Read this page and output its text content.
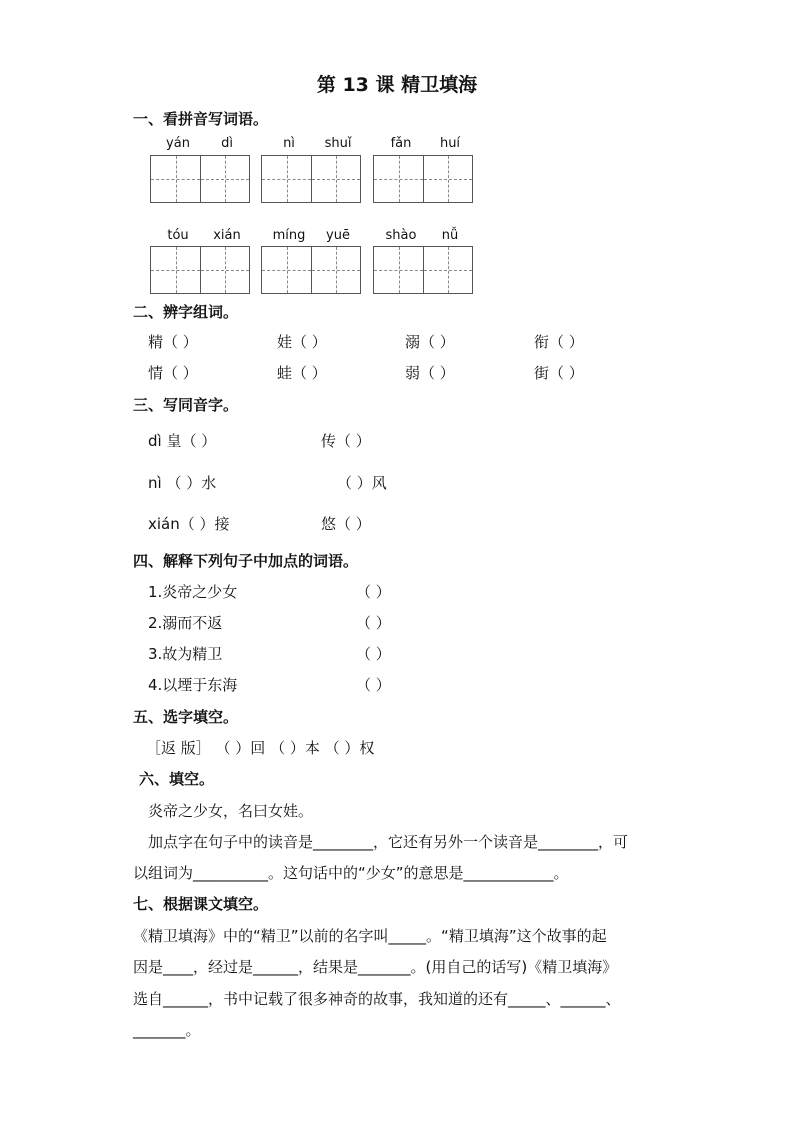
第 13 课 精卫填海
一、看拼音写词语。
yán	dì	nì	shuǐ	fǎn	huí
tóu	xián	míng	yuē	shào	nǚ
二、辨字组词。
精（ ）	娃（ ）	溺（ ）	衔（ ）
情（ ）	蛙（ ）	弱（ ）	街（ ）
三、写同音字。
dì 皇（ ）	传（ ）
nì （ ）水	（ ）风
xián（ ）接	悠（ ）
四、解释下列句子中加点的词语。
1.炎帝之少女	（ ）
2.溺而不返	（ ）
3.故为精卫	（ ）
4.以堙于东海	（ ）
五、选字填空。
［返 版］ （ ）回 （ ）本 （ ）权
六、填空。
炎帝之少女，名曰女娃。
加点字在句子中的读音是________，它还有另外一个读音是________，可
以组词为__________。这句话中的“少女”的意思是____________。
七、根据课文填空。
《精卫填海》中的“精卫”以前的名字叫_____。“精卫填海”这个故事的起
因是____，经过是______，结果是_______。(用自己的话写)《精卫填海》
选自______，书中记载了很多神奇的故事，我知道的还有_____、______、
_______。
